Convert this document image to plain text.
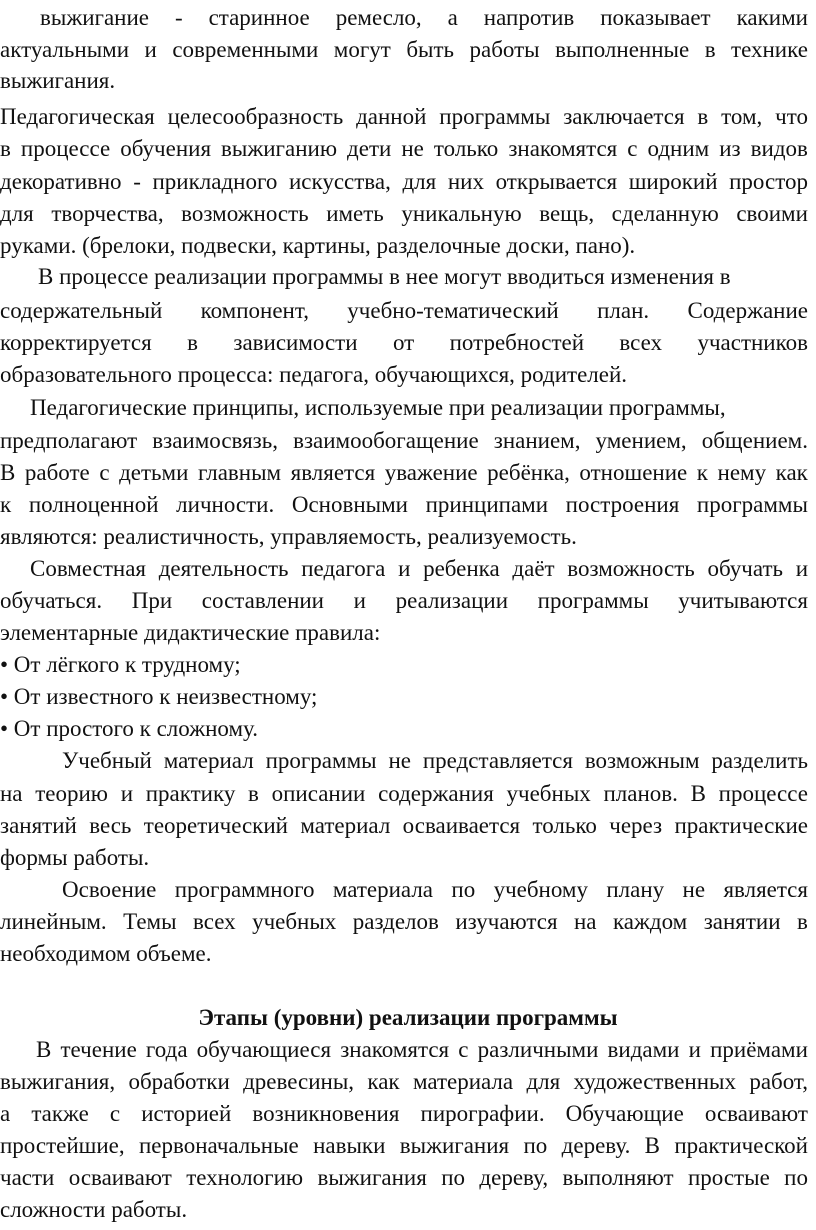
выжигание - старинное ремесло, а напротив показывает какими
актуальными и современными могут быть работы выполненные в технике
выжигания.
Педагогическая целесообразность данной программы заключается в том, что
в процессе обучения выжиганию дети не только знакомятся с одним из видов
декоративно - прикладного искусства, для них открывается широкий простор
для творчества, возможность иметь уникальную вещь, сделанную своими
руками. (брелоки, подвески, картины, разделочные доски, пано).
В процессе реализации программы в нее могут вводиться изменения в
содержательный компонент, учебно-тематический план. Содержание
корректируется в зависимости от потребностей всех участников
образовательного процесса: педагога, обучающихся, родителей.
Педагогические принципы, используемые при реализации программы,
предполагают взаимосвязь, взаимообогащение знанием, умением, общением.
В работе с детьми главным является уважение ребёнка, отношение к нему как
к полноценной личности. Основными принципами построения программы
являются: реалистичность, управляемость, реализуемость.
Совместная деятельность педагога и ребенка даёт возможность обучать и
обучаться. При составлении и реализации программы учитываются
элементарные дидактические правила:
• От лёгкого к трудному;
• От известного к неизвестному;
• От простого к сложному.
Учебный материал программы не представляется возможным разделить
на теорию и практику в описании содержания учебных планов. В процессе
занятий весь теоретический материал осваивается только через практические
формы работы.
Освоение программного материала по учебному плану не является
линейным. Темы всех учебных разделов изучаются на каждом занятии в
необходимом объеме.
Этапы (уровни) реализации программы
В течение года обучающиеся знакомятся с различными видами и приёмами
выжигания, обработки древесины, как материала для художественных работ,
а также с историей возникновения пирографии. Обучающие осваивают
простейшие, первоначальные навыки выжигания по дереву. В практической
части осваивают технологию выжигания по дереву, выполняют простые по
сложности работы.
